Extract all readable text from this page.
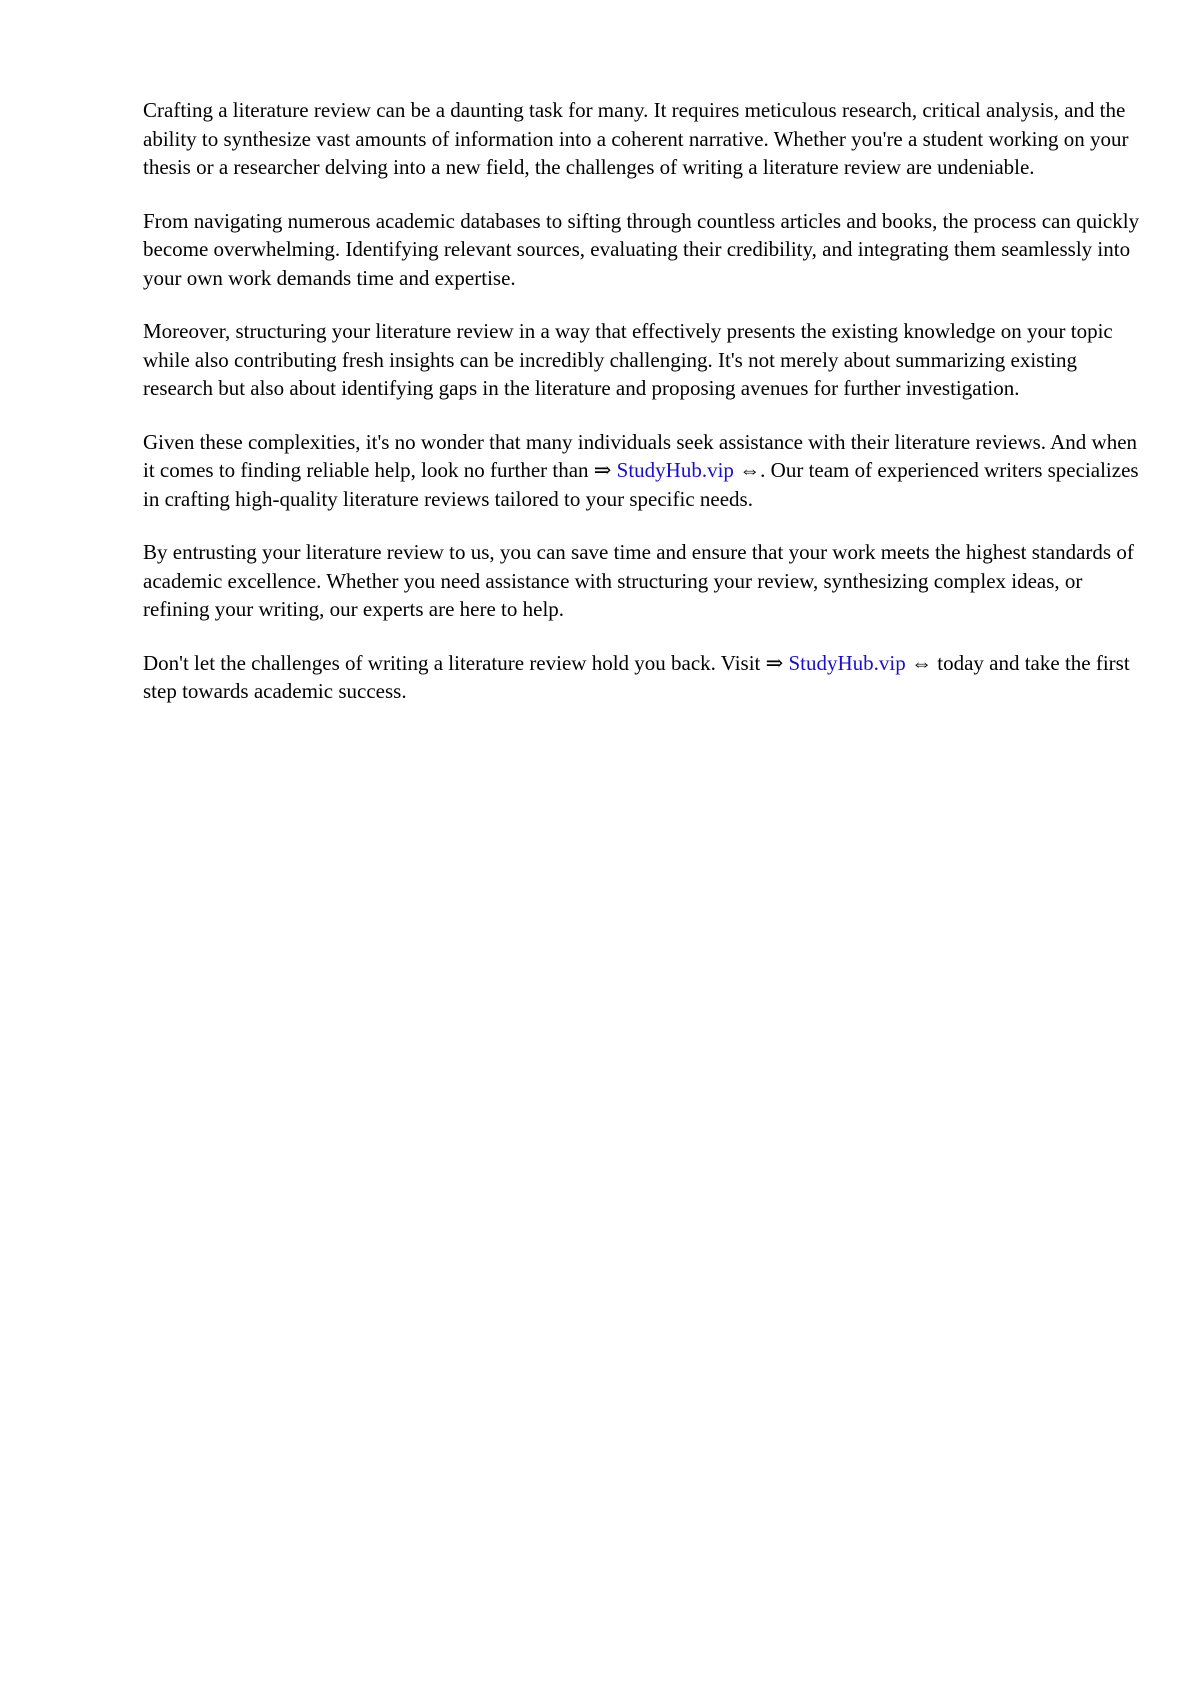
Crafting a literature review can be a daunting task for many. It requires meticulous research, critical analysis, and the ability to synthesize vast amounts of information into a coherent narrative. Whether you're a student working on your thesis or a researcher delving into a new field, the challenges of writing a literature review are undeniable.

From navigating numerous academic databases to sifting through countless articles and books, the process can quickly become overwhelming. Identifying relevant sources, evaluating their credibility, and integrating them seamlessly into your own work demands time and expertise.

Moreover, structuring your literature review in a way that effectively presents the existing knowledge on your topic while also contributing fresh insights can be incredibly challenging. It's not merely about summarizing existing research but also about identifying gaps in the literature and proposing avenues for further investigation.

Given these complexities, it's no wonder that many individuals seek assistance with their literature reviews. And when it comes to finding reliable help, look no further than ⇒ StudyHub.vip ⇔. Our team of experienced writers specializes in crafting high-quality literature reviews tailored to your specific needs.

By entrusting your literature review to us, you can save time and ensure that your work meets the highest standards of academic excellence. Whether you need assistance with structuring your review, synthesizing complex ideas, or refining your writing, our experts are here to help.

Don't let the challenges of writing a literature review hold you back. Visit ⇒ StudyHub.vip ⇔ today and take the first step towards academic success.
